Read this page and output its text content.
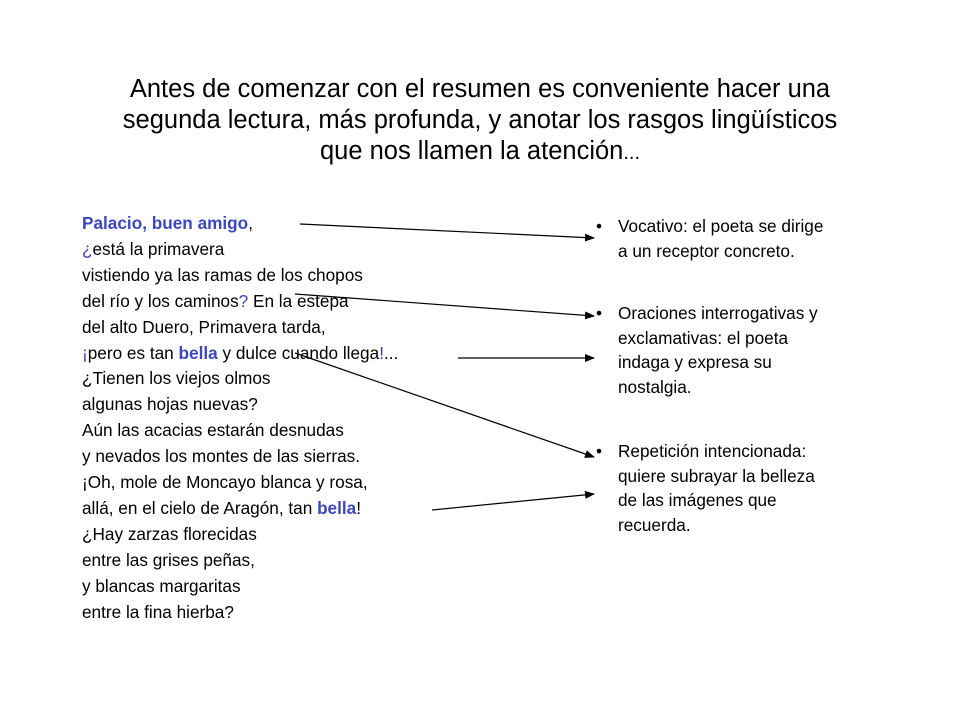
Antes de comenzar con el resumen es conveniente hacer una
segunda lectura, más profunda, y anotar los rasgos lingüísticos
que nos llamen la atención...
Palacio, buen amigo,
¿está la primavera
vistiendo ya las ramas de los chopos
del río y los caminos? En la estepa
del alto Duero, Primavera tarda,
¡pero es tan bella y dulce cuando llega!...
¿Tienen los viejos olmos
algunas hojas nuevas?
Aún las acacias estarán desnudas
y nevados los montes de las sierras.
¡Oh, mole de Moncayo blanca y rosa,
allá, en el cielo de Aragón, tan bella!
¿Hay zarzas florecidas
entre las grises peñas,
y blancas margaritas
entre la fina hierba?
• Vocativo: el poeta se dirige
a un receptor concreto.
• Oraciones interrogativas y
exclamativas: el poeta
indaga y expresa su
nostalgia.
• Repetición intencionada:
quiere subrayar la belleza
de las imágenes que
recuerda.
